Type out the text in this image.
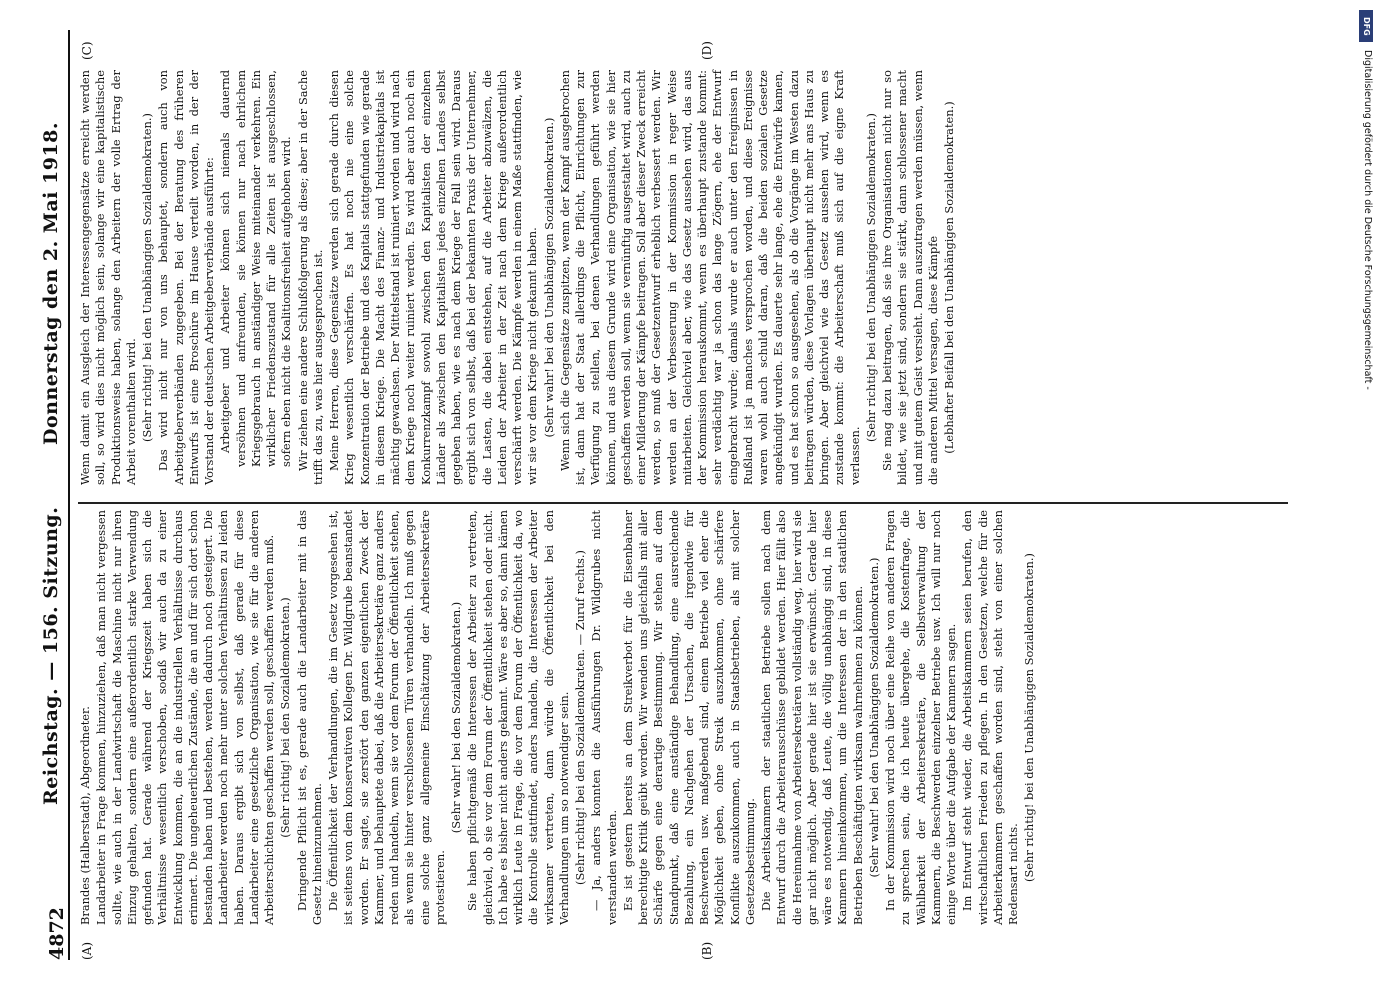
4872
Reichstag. — 156. Sitzung.
Donnerstag den 2. Mai 1918.
(A)	(B)
(C)	(D)

Brandes (Halberstadt), Abgeordneter. Landarbeiter in Frage kommen, hinzuziehen, daß man nicht vergessen sollte, wie auch in der Landwirtschaft die Maschine nicht nur ihren Einzug gehalten, sondern eine außerordentlich starke Verwendung gefunden hat. Gerade während der Kriegszeit haben sich die Verhältnisse wesentlich verschoben, sodaß wir auch da zu einer Entwicklung kommen, die an die industriellen Verhältnisse durchaus erinnert. Die ungeheuerlichen Zustände, die an und für sich dort schon bestanden haben und bestehen, werden dadurch noch gesteigert. Die Landarbeiter werden noch mehr unter solchen Verhältnissen zu leiden haben. Daraus ergibt sich von selbst, daß gerade für diese Landarbeiter eine gesetzliche Organisation, wie sie für die anderen Arbeiterschichten geschaffen werden soll, geschaffen werden muß. (Sehr richtig! bei den Sozialdemokraten.) Dringende Pflicht ist es, gerade auch die Landarbeiter mit in das Gesetz hineinzunehmen. Die Öffentlichkeit der Verhandlungen, die im Gesetz vorgesehen ist, ist seitens von dem konservativen Kollegen Dr. Wildgrube beanstandet worden. Er sagte, sie zerstört den ganzen eigentlichen Zweck der Kammer, und behauptete dabei, daß die Arbeitersekretäre ganz anders reden und handeln, wenn sie vor dem Forum der Öffentlichkeit stehen, als wenn sie hinter verschlossenen Türen verhandeln. Ich muß gegen eine solche ganz allgemeine Einschätzung der Arbeitersekretäre protestieren.

(Sehr wahr! bei den Sozialdemokraten.) Sie haben pflichtgemäß die Interessen der Arbeiter zu vertreten, gleichviel, ob sie vor dem Forum der Öffentlichkeit stehen oder nicht. Ich habe es bisher nicht anders gekannt. Wäre es aber so, dann kämen wirklich Leute in Frage, die vor dem Forum der Öffentlichkeit da, wo die Kontrolle stattfindet, anders handeln, die Interessen der Arbeiter wirksamer vertreten, dann würde die Öffentlichkeit bei den Verhandlungen um so notwendiger sein. (Sehr richtig! bei den Sozialdemokraten. — Zuruf rechts.) — Ja, anders konnten die Ausführungen Dr. Wildgrubes nicht verstanden werden. Es ist gestern bereits an dem Streikverbot für die Eisenbahner berechtigte Kritik geübt worden. Wir wenden uns gleichfalls mit aller Schärfe gegen eine derartige Bestimmung. Wir stehen auf dem Standpunkt, daß eine anständige Behandlung, eine ausreichende Bezahlung, ein Nachgehen der Ursachen, die irgendwie für Beschwerden usw. maßgebend sind, einem Betriebe viel eher die Möglichkeit geben, ohne Streik auszukommen, ohne schärfere Konflikte auszukommen, auch in Staatsbetrieben, als mit solcher Gesetzesbestimmung. Die Arbeitskammern der staatlichen Betriebe sollen nach dem Entwurf durch die Arbeiterausschüsse gebildet werden. Hier fällt also die Hereinnahme von Arbeitersekretären vollständig weg, hier wird sie gar nicht möglich. Aber gerade hier ist sie erwünscht. Gerade hier wäre es notwendig, daß Leute, die völlig unabhängig sind, in diese Kammern hineinkommen, um die Interessen der in den staatlichen Betrieben Beschäftigten wirksam wahrnehmen zu können. (Sehr wahr! bei den Unabhängigen Sozialdemokraten.) In der Kommission wird noch über eine Reihe von anderen Fragen zu sprechen sein, die ich heute übergehe, die Kostenfrage, die Wählbarkeit der Arbeitersekretäre, die Selbstverwaltung der Kammern, die Beschwerden einzelner Betriebe usw. Ich will nur noch einige Worte über die Aufgabe der Kammern sagen. Im Entwurf steht wieder, die Arbeitskammern seien berufen, den wirtschaftlichen Frieden zu pflegen. In den Gesetzen, welche für die Arbeiterkammern geschaffen worden sind, steht von einer solchen Redensart nichts. (Sehr richtig! bei den Unabhängigen Sozialdemokraten.)

Wenn damit ein Ausgleich der Interessengegensätze erreicht werden soll, so wird dies nicht möglich sein, solange wir eine kapitalistische Produktionsweise haben, solange den Arbeitern der volle Ertrag der Arbeit vorenthalten wird. (Sehr richtig! bei den Unabhängigen Sozialdemokraten.) Das wird nicht nur von uns behauptet, sondern auch von Arbeitgeberverbänden zugegeben. Bei der Beratung des früheren Entwurfs ist eine Broschüre im Hause verteilt worden, in der der Vorstand der deutschen Arbeitgeberverbände ausführte: Arbeitgeber und Arbeiter können sich niemals dauernd versöhnen und anfreunden, sie können nur nach ehrlichem Kriegsgebrauch in anständiger Weise miteinander verkehren. Ein wirklicher Friedenszustand für alle Zeiten ist ausgeschlossen, sofern eben nicht die Koalitionsfreiheit aufgehoben wird. Wir ziehen eine andere Schlußfolgerung als diese; aber in der Sache trifft das zu, was hier ausgesprochen ist. Meine Herren, diese Gegensätze werden sich gerade durch diesen Krieg wesentlich verschärfen. Es hat noch nie eine solche Konzentration der Betriebe und des Kapitals stattgefunden wie gerade in diesem Kriege. Die Macht des Finanz- und Industriekapitals ist mächtig gewachsen. Der Mittelstand ist ruiniert worden und wird nach dem Kriege noch weiter ruiniert werden. Es wird aber auch noch ein Konkurrenzkampf sowohl zwischen den Kapitalisten der einzelnen Länder als zwischen den Kapitalisten jedes einzelnen Landes selbst gegeben haben, wie es nach dem Kriege der Fall sein wird. Daraus ergibt sich von selbst, daß bei der bekannten Praxis der Unternehmer, die Lasten, die dabei entstehen, auf die Arbeiter abzuwälzen, die Leiden der Arbeiter in der Zeit nach dem Kriege außerordentlich verschärft werden. Die Kämpfe werden in einem Maße stattfinden, wie wir sie vor dem Kriege nicht gekannt haben. (Sehr wahr! bei den Unabhängigen Sozialdemokraten.) Wenn sich die Gegensätze zuspitzen, wenn der Kampf ausgebrochen ist, dann hat der Staat allerdings die Pflicht, Einrichtungen zur Verfügung zu stellen, bei denen Verhandlungen geführt werden können, und aus diesem Grunde wird eine Organisation, wie sie hier geschaffen werden soll, wenn sie vernünftig ausgestaltet wird, auch zu einer Milderung der Kämpfe beitragen. Soll aber dieser Zweck erreicht werden, so muß der Gesetzentwurf erheblich verbessert werden. Wir werden an der Verbesserung in der Kommission in reger Weise mitarbeiten. Gleichviel aber, wie das Gesetz aussehen wird, das aus der Kommission herauskommt, wenn es überhaupt zustande kommt: sehr verdächtig war ja schon das lange Zögern, ehe der Entwurf eingebracht wurde; damals wurde er auch unter den Ereignissen in Rußland ist ja manches versprochen worden, und diese Ereignisse waren wohl auch schuld daran, daß die beiden sozialen Gesetze angekündigt wurden. Es dauerte sehr lange, ehe die Entwürfe kamen, und es hat schon so ausgesehen, als ob die Vorgänge im Westen dazu beitragen würden, diese Vorlagen überhaupt nicht mehr ans Haus zu bringen. Aber gleichviel wie das Gesetz aussehen wird, wenn es zustande kommt: die Arbeiterschaft muß sich auf die eigne Kraft verlassen.

(Sehr richtig! bei den Unabhängigen Sozialdemokraten.) Sie mag dazu beitragen, daß sie ihre Organisationen nicht nur so bildet, wie sie jetzt sind, sondern sie stärkt, dann schlossener macht und mit gutem Geist versieht. Dann auszutragen werden müssen, wenn die anderen Mittel versagen, diese Kämpfe (Lebhafter Beifall bei den Unabhängigen Sozialdemokraten.)

DFG
Digitalisierung gefördert durch die Deutsche Forschungsgemeinschaft -
